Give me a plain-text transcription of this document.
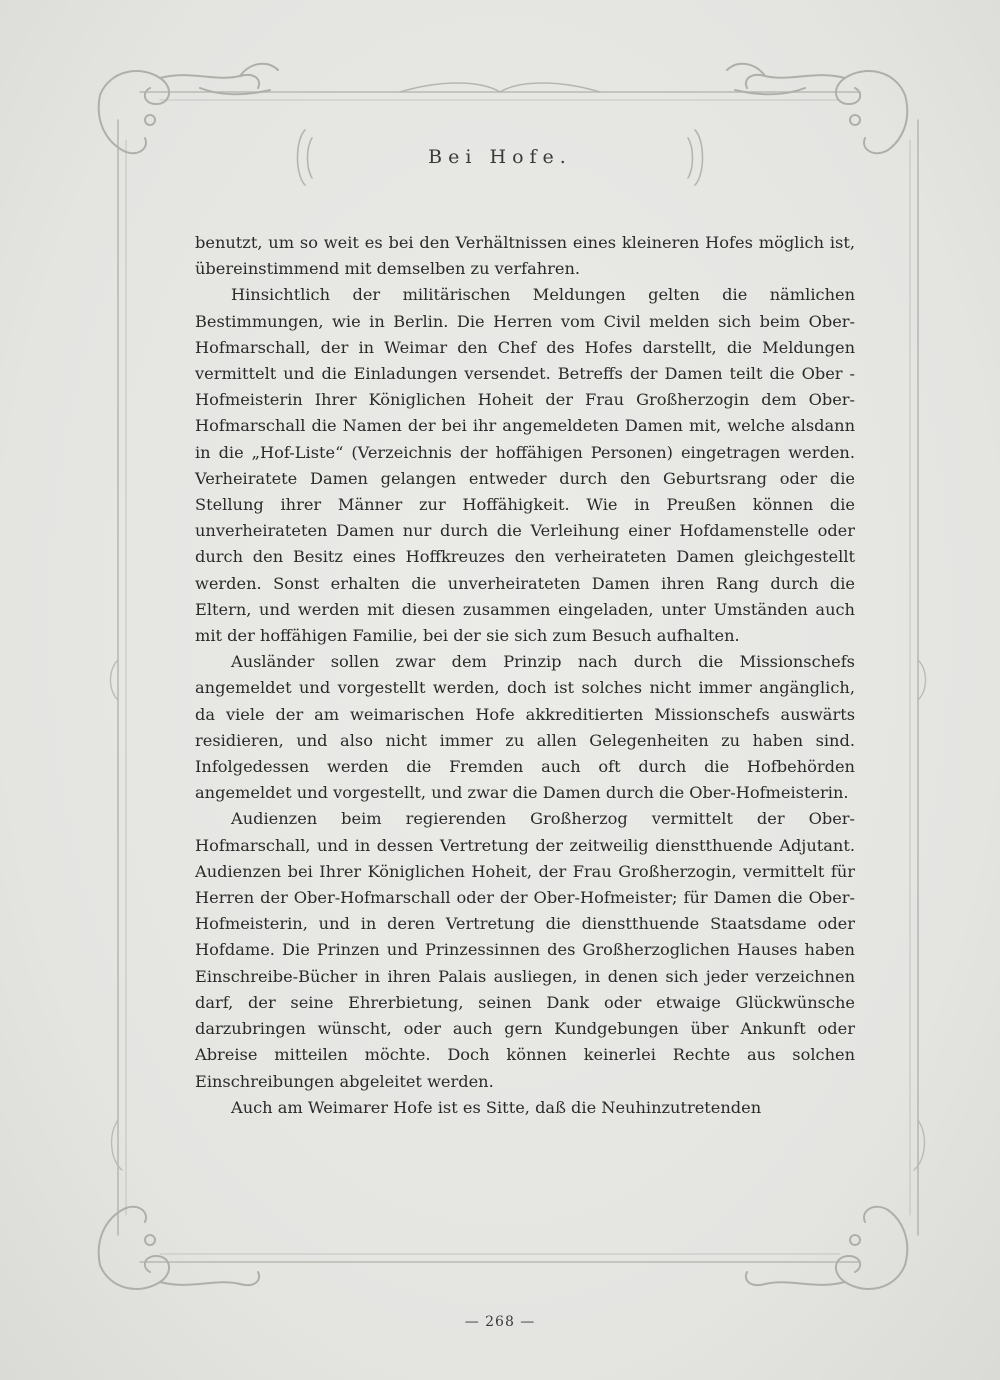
Bei Hofe.

benutzt, um so weit es bei den Verhältnissen eines kleineren Hofes möglich ist, übereinstimmend mit demselben zu verfahren.

Hinsichtlich der militärischen Meldungen gelten die nämlichen Bestimmungen, wie in Berlin. Die Herren vom Civil melden sich beim Ober-Hofmarschall, der in Weimar den Chef des Hofes darstellt, die Meldungen vermittelt und die Einladungen versendet. Betreffs der Damen teilt die Ober - Hofmeisterin Ihrer Königlichen Hoheit der Frau Großherzogin dem Ober-Hofmarschall die Namen der bei ihr angemeldeten Damen mit, welche alsdann in die „Hof-Liste“ (Verzeichnis der hoffähigen Personen) eingetragen werden. Verheiratete Damen gelangen entweder durch den Geburtsrang oder die Stellung ihrer Männer zur Hoffähigkeit. Wie in Preußen können die unverheirateten Damen nur durch die Verleihung einer Hofdamenstelle oder durch den Besitz eines Hoffkreuzes den verheirateten Damen gleichgestellt werden. Sonst erhalten die unverheirateten Damen ihren Rang durch die Eltern, und werden mit diesen zusammen eingeladen, unter Umständen auch mit der hoffähigen Familie, bei der sie sich zum Besuch aufhalten.

Ausländer sollen zwar dem Prinzip nach durch die Missionschefs angemeldet und vorgestellt werden, doch ist solches nicht immer angänglich, da viele der am weimarischen Hofe akkreditierten Missionschefs auswärts residieren, und also nicht immer zu allen Gelegenheiten zu haben sind. Infolgedessen werden die Fremden auch oft durch die Hofbehörden angemeldet und vorgestellt, und zwar die Damen durch die Ober-Hofmeisterin.

Audienzen beim regierenden Großherzog vermittelt der Ober-Hofmarschall, und in dessen Vertretung der zeitweilig dienstthuende Adjutant. Audienzen bei Ihrer Königlichen Hoheit, der Frau Großherzogin, vermittelt für Herren der Ober-Hofmarschall oder der Ober-Hofmeister; für Damen die Ober-Hofmeisterin, und in deren Vertretung die dienstthuende Staatsdame oder Hofdame. Die Prinzen und Prinzessinnen des Großherzoglichen Hauses haben Einschreibe-Bücher in ihren Palais ausliegen, in denen sich jeder verzeichnen darf, der seine Ehrerbietung, seinen Dank oder etwaige Glückwünsche darzubringen wünscht, oder auch gern Kundgebungen über Ankunft oder Abreise mitteilen möchte. Doch können keinerlei Rechte aus solchen Einschreibungen abgeleitet werden.

Auch am Weimarer Hofe ist es Sitte, daß die Neuhinzutretenden

— 268 —
